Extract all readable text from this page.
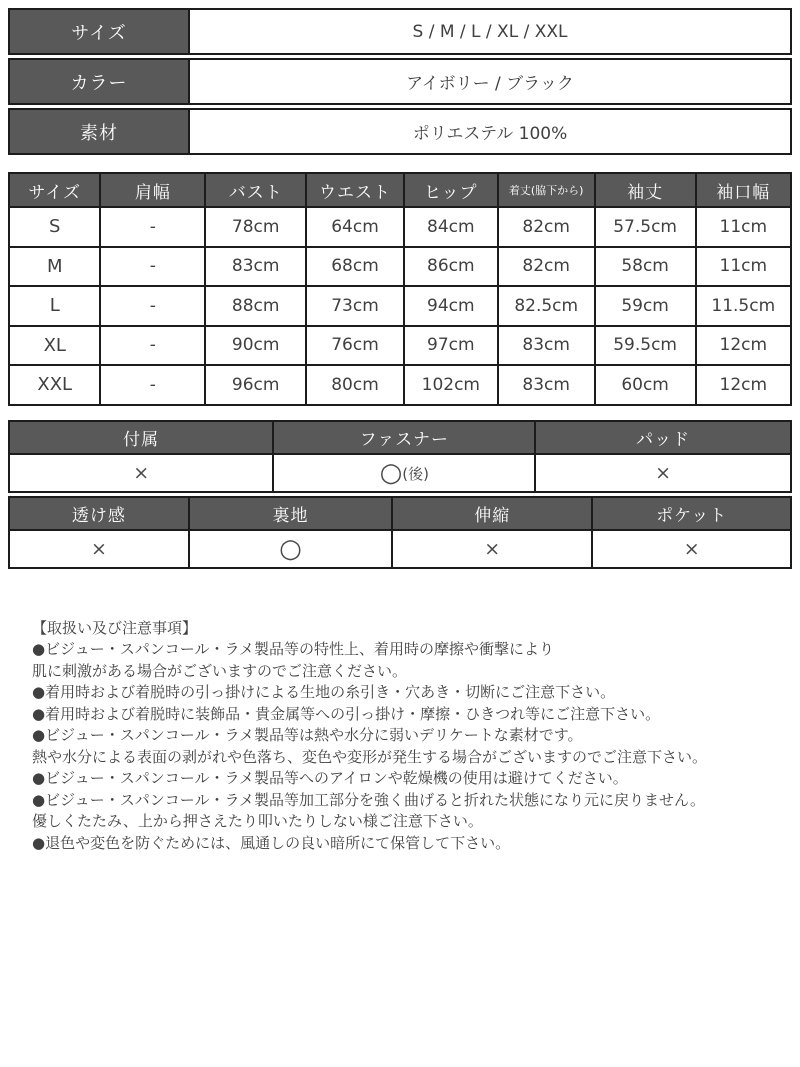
サイズ	S / M / L / XL / XXL
カラー	アイボリー / ブラック
素材	ポリエステル 100%
サイズ	肩幅	バスト	ウエスト	ヒップ	着丈(脇下から)	袖丈	袖口幅
S	-	78cm	64cm	84cm	82cm	57.5cm	11cm
M	-	83cm	68cm	86cm	82cm	58cm	11cm
L	-	88cm	73cm	94cm	82.5cm	59cm	11.5cm
XL	-	90cm	76cm	97cm	83cm	59.5cm	12cm
XXL	-	96cm	80cm	102cm	83cm	60cm	12cm
付属	ファスナー	パッド
×	○(後)	×
透け感	裏地	伸縮	ポケット
×	○	×	×
【取扱い及び注意事項】
●ビジュー・スパンコール・ラメ製品等の特性上、着用時の摩擦や衝撃により
肌に刺激がある場合がございますのでご注意ください。
●着用時および着脱時の引っ掛けによる生地の糸引き・穴あき・切断にご注意下さい。
●着用時および着脱時に装飾品・貴金属等への引っ掛け・摩擦・ひきつれ等にご注意下さい。
●ビジュー・スパンコール・ラメ製品等は熱や水分に弱いデリケートな素材です。
熱や水分による表面の剥がれや色落ち、変色や変形が発生する場合がございますのでご注意下さい。
●ビジュー・スパンコール・ラメ製品等へのアイロンや乾燥機の使用は避けてください。
●ビジュー・スパンコール・ラメ製品等加工部分を強く曲げると折れた状態になり元に戻りません。
優しくたたみ、上から押さえたり叩いたりしない様ご注意下さい。
●退色や変色を防ぐためには、風通しの良い暗所にて保管して下さい。
